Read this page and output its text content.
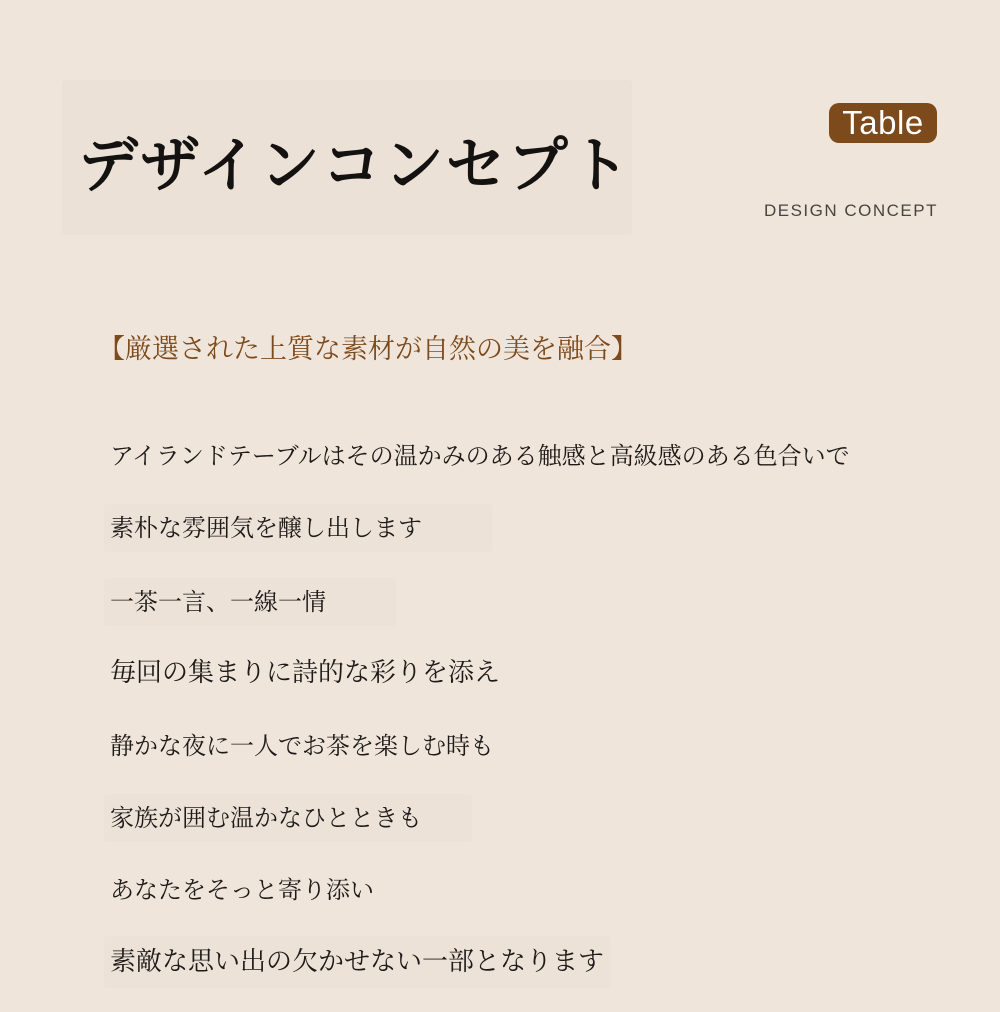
デザインコンセプト
Table
DESIGN CONCEPT
【厳選された上質な素材が自然の美を融合】

アイランドテーブルはその温かみのある触感と高級感のある色合いで

素朴な雰囲気を醸し出します

一茶一言、一線一情

毎回の集まりに詩的な彩りを添え

静かな夜に一人でお茶を楽しむ時も

家族が囲む温かなひとときも

あなたをそっと寄り添い

素敵な思い出の欠かせない一部となります
